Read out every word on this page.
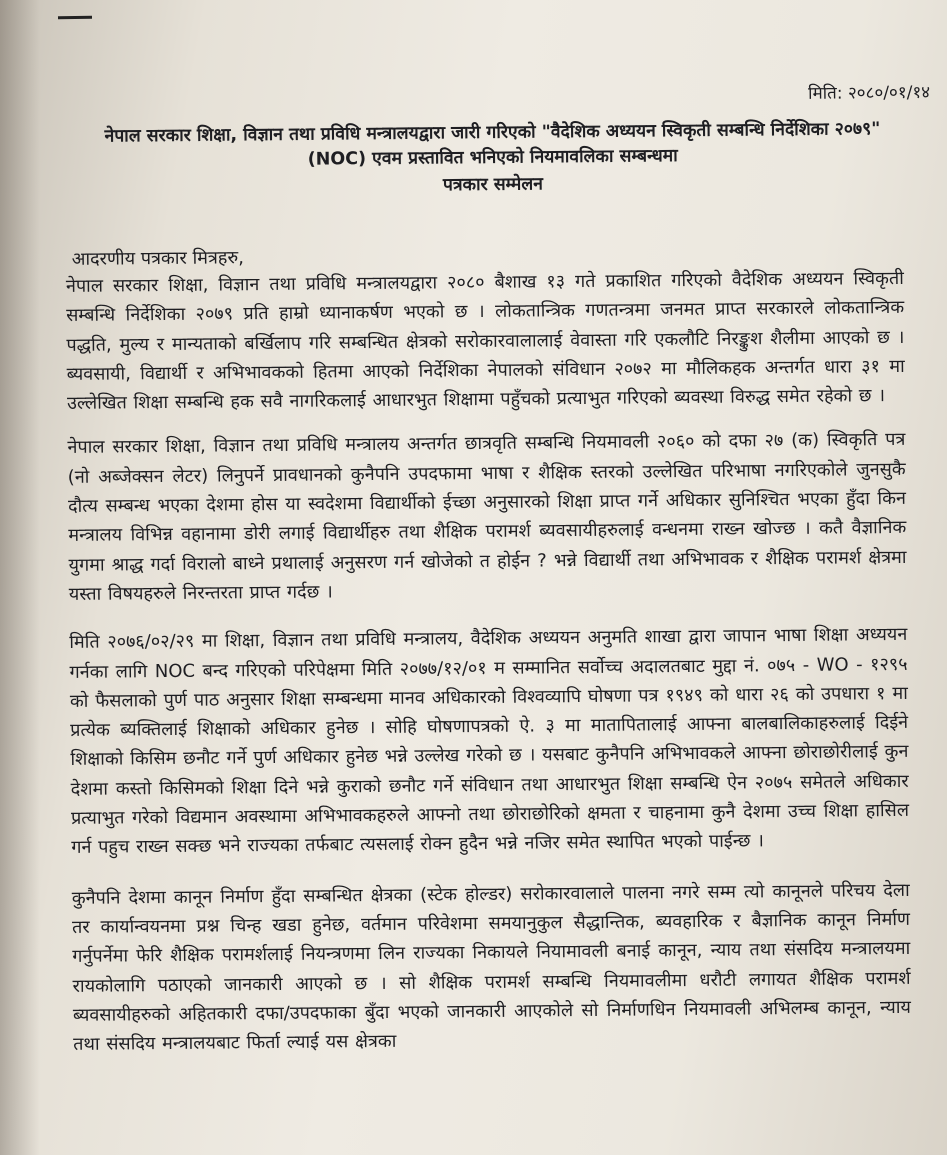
मिति: २०८०/०१/१४
नेपाल सरकार शिक्षा, विज्ञान तथा प्रविधि मन्त्रालयद्वारा जारी गरिएको "वैदेशिक अध्ययन स्विकृती सम्बन्धि निर्देशिका २०७९" (NOC) एवम प्रस्तावित भनिएको नियमावलिका सम्बन्धमा
पत्रकार सम्मेलन
आदरणीय पत्रकार मित्रहरु,

नेपाल सरकार शिक्षा, विज्ञान तथा प्रविधि मन्त्रालयद्वारा २०८० बैशाख १३ गते प्रकाशित गरिएको वैदेशिक अध्ययन स्विकृती सम्बन्धि निर्देशिका २०७९ प्रति हाम्रो ध्यानाकर्षण भएको छ । लोकतान्त्रिक गणतन्त्रमा जनमत प्राप्त सरकारले लोकतान्त्रिक पद्धति, मुल्य र मान्यताको बर्खिलाप गरि सम्बन्धित क्षेत्रको सरोकारवालालाई वेवास्ता गरि एकलौटि निरङ्कुश शैलीमा आएको छ । ब्यवसायी, विद्यार्थी र अभिभावकको हितमा आएको निर्देशिका नेपालको संविधान २०७२ मा मौलिकहक अन्तर्गत धारा ३१ मा उल्लेखित शिक्षा सम्बन्धि हक सवै नागरिकलाई आधारभुत शिक्षामा पहुँचको प्रत्याभुत गरिएको ब्यवस्था विरुद्ध समेत रहेको छ ।

नेपाल सरकार शिक्षा, विज्ञान तथा प्रविधि मन्त्रालय अन्तर्गत छात्रवृति सम्बन्धि नियमावली २०६० को दफा २७ (क) स्विकृति पत्र (नो अब्जेक्सन लेटर) लिनुपर्ने प्रावधानको कुनैपनि उपदफामा भाषा र शैक्षिक स्तरको उल्लेखित परिभाषा नगरिएकोले जुनसुकै दौत्य सम्बन्ध भएका देशमा होस या स्वदेशमा विद्यार्थीको ईच्छा अनुसारको शिक्षा प्राप्त गर्ने अधिकार सुनिश्चित भएका हुँदा किन मन्त्रालय विभिन्न वहानामा डोरी लगाई विद्यार्थीहरु तथा शैक्षिक परामर्श ब्यवसायीहरुलाई वन्धनमा राख्न खोज्छ । कतै वैज्ञानिक युगमा श्राद्ध गर्दा विरालो बाध्ने प्रथालाई अनुसरण गर्न खोजेको त होईन ? भन्ने विद्यार्थी तथा अभिभावक र शैक्षिक परामर्श क्षेत्रमा यस्ता विषयहरुले निरन्तरता प्राप्त गर्दछ ।

मिति २०७६/०२/२९ मा शिक्षा, विज्ञान तथा प्रविधि मन्त्रालय, वैदेशिक अध्ययन अनुमति शाखा द्वारा जापान भाषा शिक्षा अध्ययन गर्नका लागि NOC बन्द गरिएको परिपेक्षमा मिति २०७७/१२/०१ म सम्मानित सर्वोच्च अदालतबाट मुद्दा नं. ०७५ - WO - १२९५ को फैसलाको पुर्ण पाठ अनुसार शिक्षा सम्बन्धमा मानव अधिकारको विश्वव्यापि घोषणा पत्र १९४९ को धारा २६ को उपधारा १ मा प्रत्येक ब्यक्तिलाई शिक्षाको अधिकार हुनेछ । सोहि घोषणापत्रको ऐ. ३ मा मातापितालाई आफ्ना बालबालिकाहरुलाई दिईने शिक्षाको किसिम छनौट गर्ने पुर्ण अधिकार हुनेछ भन्ने उल्लेख गरेको छ । यसबाट कुनैपनि अभिभावकले आफ्ना छोराछोरीलाई कुन देशमा कस्तो किसिमको शिक्षा दिने भन्ने कुराको छनौट गर्ने संविधान तथा आधारभुत शिक्षा सम्बन्धि ऐन २०७५ समेतले अधिकार प्रत्याभुत गरेको विद्यमान अवस्थामा अभिभावकहरुले आफ्नो तथा छोराछोरिको क्षमता र चाहनामा कुनै देशमा उच्च शिक्षा हासिल गर्न पहुच राख्न सक्छ भने राज्यका तर्फबाट त्यसलाई रोक्न हुदैन भन्ने नजिर समेत स्थापित भएको पाईन्छ ।

कुनैपनि देशमा कानून निर्माण हुँदा सम्बन्धित क्षेत्रका (स्टेक होल्डर) सरोकारवालाले पालना नगरे सम्म त्यो कानूनले परिचय देला तर कार्यान्वयनमा प्रश्न चिन्ह खडा हुनेछ, वर्तमान परिवेशमा समयानुकुल सैद्धान्तिक, ब्यवहारिक र बैज्ञानिक कानून निर्माण गर्नुपर्नेमा फेरि शैक्षिक परामर्शलाई नियन्त्रणमा लिन राज्यका निकायले नियामावली बनाई कानून, न्याय तथा संसदिय मन्त्रालयमा रायकोलागि पठाएको जानकारी आएको छ । सो शैक्षिक परामर्श सम्बन्धि नियमावलीमा धरौटी लगायत शैक्षिक परामर्श ब्यवसायीहरुको अहितकारी दफा/उपदफाका बुँदा भएको जानकारी आएकोले सो निर्माणधिन नियमावली अभिलम्ब कानून, न्याय तथा संसदिय मन्त्रालयबाट फिर्ता ल्याई यस क्षेत्रका
